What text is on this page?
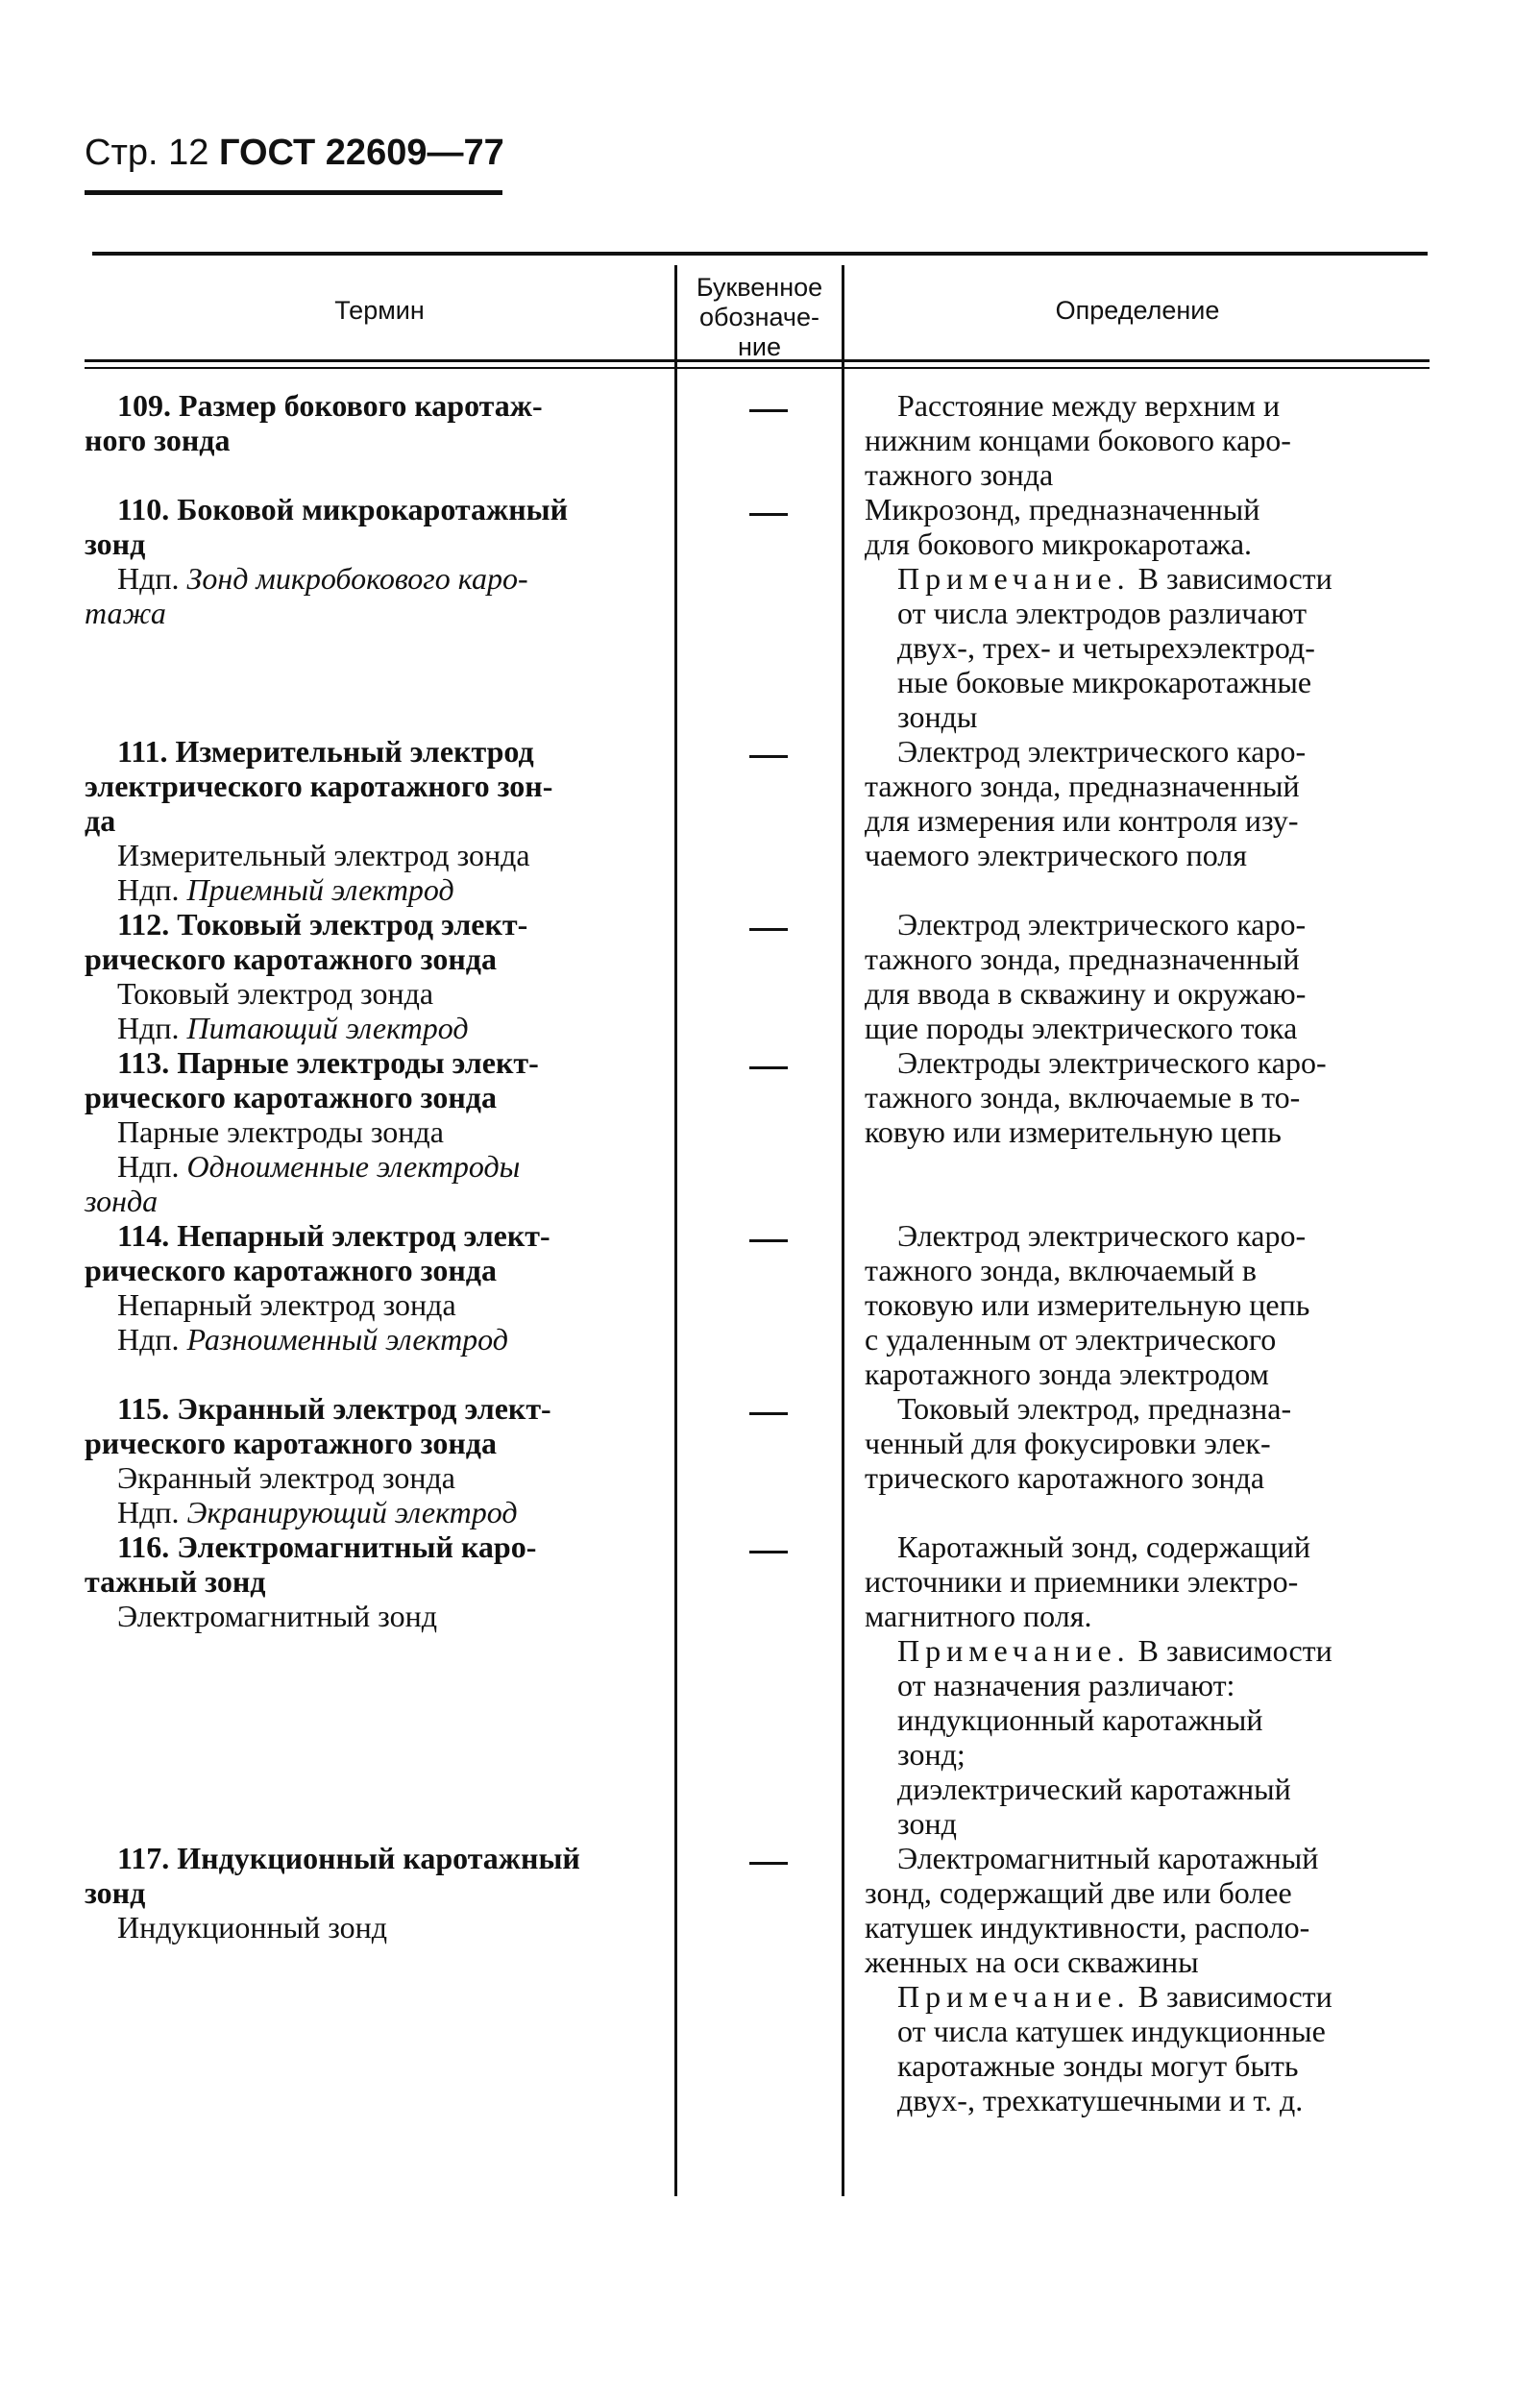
Стр. 12 ГОСТ 22609—77
Термин
Буквенное
обозначе-
ние
Определение
109. Размер бокового каротаж-
ного зонда
Расстояние между верхним и
нижним концами бокового каро-
тажного зонда
110. Боковой микрокаротажный
зонд
Ндп. Зонд микробокового каро-
тажа
Микрозонд, предназначенный
для бокового микрокаротажа.
Примечание. В зависимости
от числа электродов различают
двух-, трех- и четырехэлектрод-
ные боковые микрокаротажные
зонды
111. Измерительный электрод
электрического каротажного зон-
да
Измерительный электрод зонда
Ндп. Приемный электрод
Электрод электрического каро-
тажного зонда, предназначенный
для измерения или контроля изу-
чаемого электрического поля
112. Токовый электрод элект-
рического каротажного зонда
Токовый электрод зонда
Ндп. Питающий электрод
Электрод электрического каро-
тажного зонда, предназначенный
для ввода в скважину и окружаю-
щие породы электрического тока
113. Парные электроды элект-
рического каротажного зонда
Парные электроды зонда
Ндп. Одноименные электроды
зонда
Электроды электрического каро-
тажного зонда, включаемые в то-
ковую или измерительную цепь
114. Непарный электрод элект-
рического каротажного зонда
Непарный электрод зонда
Ндп. Разноименный электрод
Электрод электрического каро-
тажного зонда, включаемый в
токовую или измерительную цепь
с удаленным от электрического
каротажного зонда электродом
115. Экранный электрод элект-
рического каротажного зонда
Экранный электрод зонда
Ндп. Экранирующий электрод
Токовый электрод, предназна-
ченный для фокусировки элек-
трического каротажного зонда
116. Электромагнитный каро-
тажный зонд
Электромагнитный зонд
Каротажный зонд, содержащий
источники и приемники электро-
магнитного поля.
Примечание. В зависимости
от назначения различают:
индукционный каротажный
зонд;
диэлектрический каротажный
зонд
117. Индукционный каротажный
зонд
Индукционный зонд
Электромагнитный каротажный
зонд, содержащий две или более
катушек индуктивности, располо-
женных на оси скважины
Примечание. В зависимости
от числа катушек индукционные
каротажные зонды могут быть
двух-, трехкатушечными и т. д.
